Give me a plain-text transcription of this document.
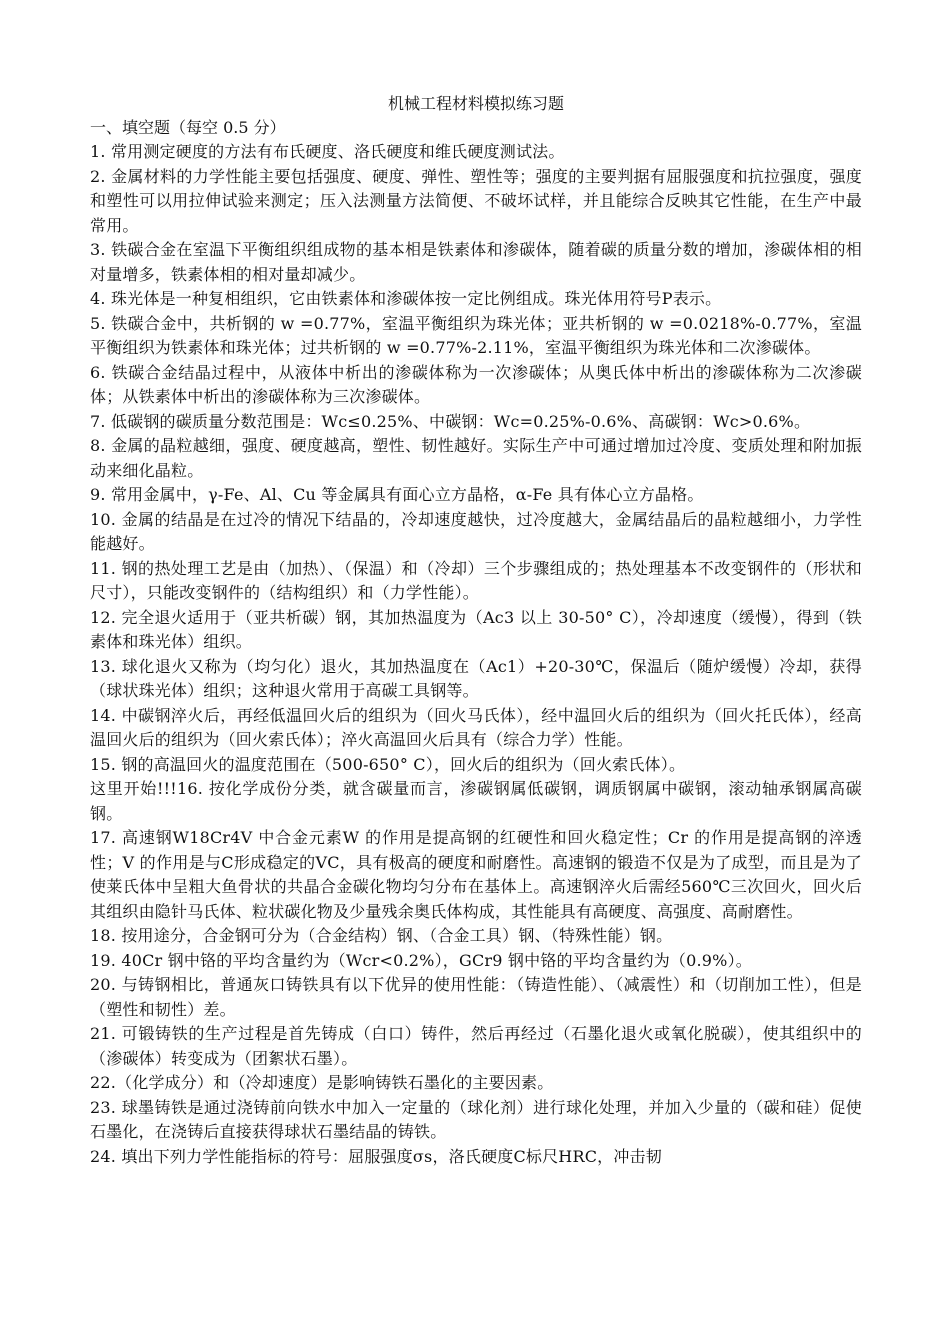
机械工程材料模拟练习题
一、填空题（每空 0.5 分）

1. 常用测定硬度的方法有布氏硬度、洛氏硬度和维氏硬度测试法。

2. 金属材料的力学性能主要包括强度、硬度、弹性、塑性等；强度的主要判据有屈服强度和抗拉强度，强度和塑性可以用拉伸试验来测定；压入法测量方法简便、不破坏试样，并且能综合反映其它性能，在生产中最常用。

3. 铁碳合金在室温下平衡组织组成物的基本相是铁素体和渗碳体，随着碳的质量分数的增加，渗碳体相的相对量增多，铁素体相的相对量却减少。

4. 珠光体是一种复相组织，它由铁素体和渗碳体按一定比例组成。珠光体用符号P表示。

5. 铁碳合金中，共析钢的 w =0.77%，室温平衡组织为珠光体；亚共析钢的 w =0.0218%-0.77%，室温平衡组织为铁素体和珠光体；过共析钢的 w =0.77%-2.11%，室温平衡组织为珠光体和二次渗碳体。

6. 铁碳合金结晶过程中，从液体中析出的渗碳体称为一次渗碳体；从奥氏体中析出的渗碳体称为二次渗碳体；从铁素体中析出的渗碳体称为三次渗碳体。

7. 低碳钢的碳质量分数范围是：Wc≤0.25%、中碳钢：Wc=0.25%-0.6%、高碳钢：Wc>0.6%。

8. 金属的晶粒越细，强度、硬度越高，塑性、韧性越好。实际生产中可通过增加过冷度、变质处理和附加振动来细化晶粒。

9. 常用金属中，γ-Fe、Al、Cu 等金属具有面心立方晶格，α-Fe 具有体心立方晶格。

10. 金属的结晶是在过冷的情况下结晶的，冷却速度越快，过冷度越大，金属结晶后的晶粒越细小，力学性能越好。

11. 钢的热处理工艺是由（加热）、（保温）和（冷却）三个步骤组成的；热处理基本不改变钢件的（形状和尺寸），只能改变钢件的（结构组织）和（力学性能）。

12. 完全退火适用于（亚共析碳）钢，其加热温度为（Ac3 以上 30-50° C），冷却速度（缓慢），得到（铁素体和珠光体）组织。

13. 球化退火又称为（均匀化）退火，其加热温度在（Ac1）+20-30℃，保温后（随炉缓慢）冷却，获得（球状珠光体）组织；这种退火常用于高碳工具钢等。

14. 中碳钢淬火后，再经低温回火后的组织为（回火马氏体），经中温回火后的组织为（回火托氏体），经高温回火后的组织为（回火索氏体）；淬火高温回火后具有（综合力学）性能。

15. 钢的高温回火的温度范围在（500-650° C），回火后的组织为（回火索氏体）。

这里开始!!!16. 按化学成份分类，就含碳量而言，渗碳钢属低碳钢，调质钢属中碳钢，滚动轴承钢属高碳钢。

17. 高速钢W18Cr4V 中合金元素W 的作用是提高钢的红硬性和回火稳定性；Cr 的作用是提高钢的淬透性；V 的作用是与C形成稳定的VC，具有极高的硬度和耐磨性。高速钢的锻造不仅是为了成型，而且是为了使莱氏体中呈粗大鱼骨状的共晶合金碳化物均匀分布在基体上。高速钢淬火后需经560℃三次回火，回火后其组织由隐针马氏体、粒状碳化物及少量残余奥氏体构成，其性能具有高硬度、高强度、高耐磨性。

18. 按用途分，合金钢可分为（合金结构）钢、（合金工具）钢、（特殊性能）钢。

19. 40Cr 钢中铬的平均含量约为（Wcr<0.2%），GCr9 钢中铬的平均含量约为（0.9%）。

20. 与铸钢相比，普通灰口铸铁具有以下优异的使用性能：（铸造性能）、（减震性）和（切削加工性），但是（塑性和韧性）差。

21. 可锻铸铁的生产过程是首先铸成（白口）铸件，然后再经过（石墨化退火或氧化脱碳），使其组织中的（渗碳体）转变成为（团絮状石墨）。

22.（化学成分）和（冷却速度）是影响铸铁石墨化的主要因素。

23. 球墨铸铁是通过浇铸前向铁水中加入一定量的（球化剂）进行球化处理，并加入少量的（碳和硅）促使石墨化，在浇铸后直接获得球状石墨结晶的铸铁。

24. 填出下列力学性能指标的符号：屈服强度σs，洛氏硬度C标尺HRC，冲击韧
